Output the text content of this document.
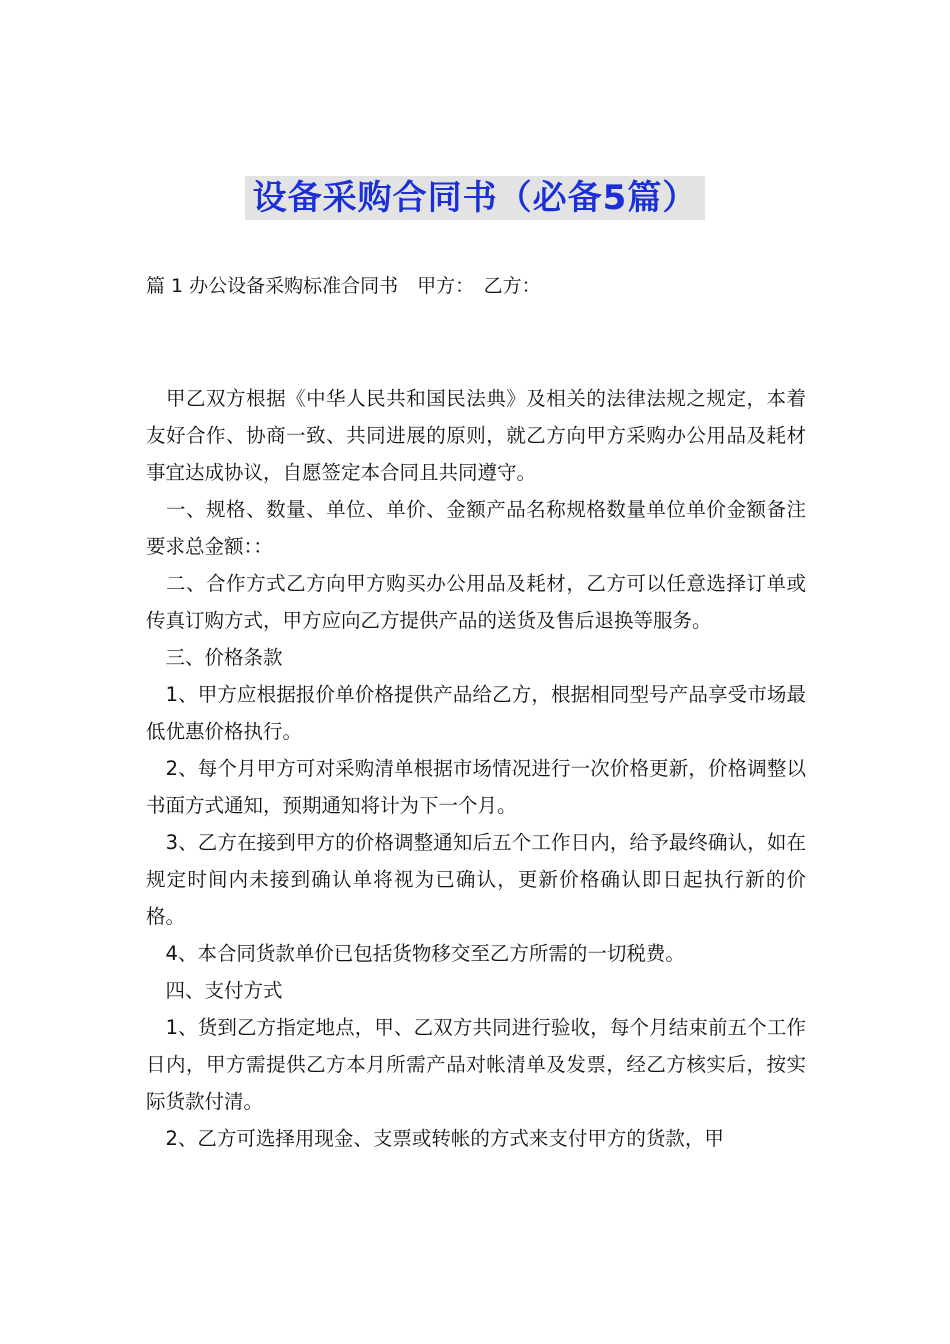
设备采购合同书（必备5篇）
篇 1 办公设备采购标准合同书　甲方：　乙方：

　甲乙双方根据《中华人民共和国民法典》及相关的法律法规之规定，本着友好合作、协商一致、共同进展的原则，就乙方向甲方采购办公用品及耗材事宜达成协议，自愿签定本合同且共同遵守。

　一、规格、数量、单位、单价、金额产品名称规格数量单位单价金额备注要求总金额：：

　二、合作方式乙方向甲方购买办公用品及耗材，乙方可以任意选择订单或传真订购方式，甲方应向乙方提供产品的送货及售后退换等服务。

　三、价格条款

　1、甲方应根据报价单价格提供产品给乙方，根据相同型号产品享受市场最低优惠价格执行。

　2、每个月甲方可对采购清单根据市场情况进行一次价格更新，价格调整以书面方式通知，预期通知将计为下一个月。

　3、乙方在接到甲方的价格调整通知后五个工作日内，给予最终确认，如在规定时间内未接到确认单将视为已确认，更新价格确认即日起执行新的价格。

　4、本合同货款单价已包括货物移交至乙方所需的一切税费。

　四、支付方式

　1、货到乙方指定地点，甲、乙双方共同进行验收，每个月结束前五个工作日内，甲方需提供乙方本月所需产品对帐清单及发票，经乙方核实后，按实际货款付清。

　2、乙方可选择用现金、支票或转帐的方式来支付甲方的货款，甲
